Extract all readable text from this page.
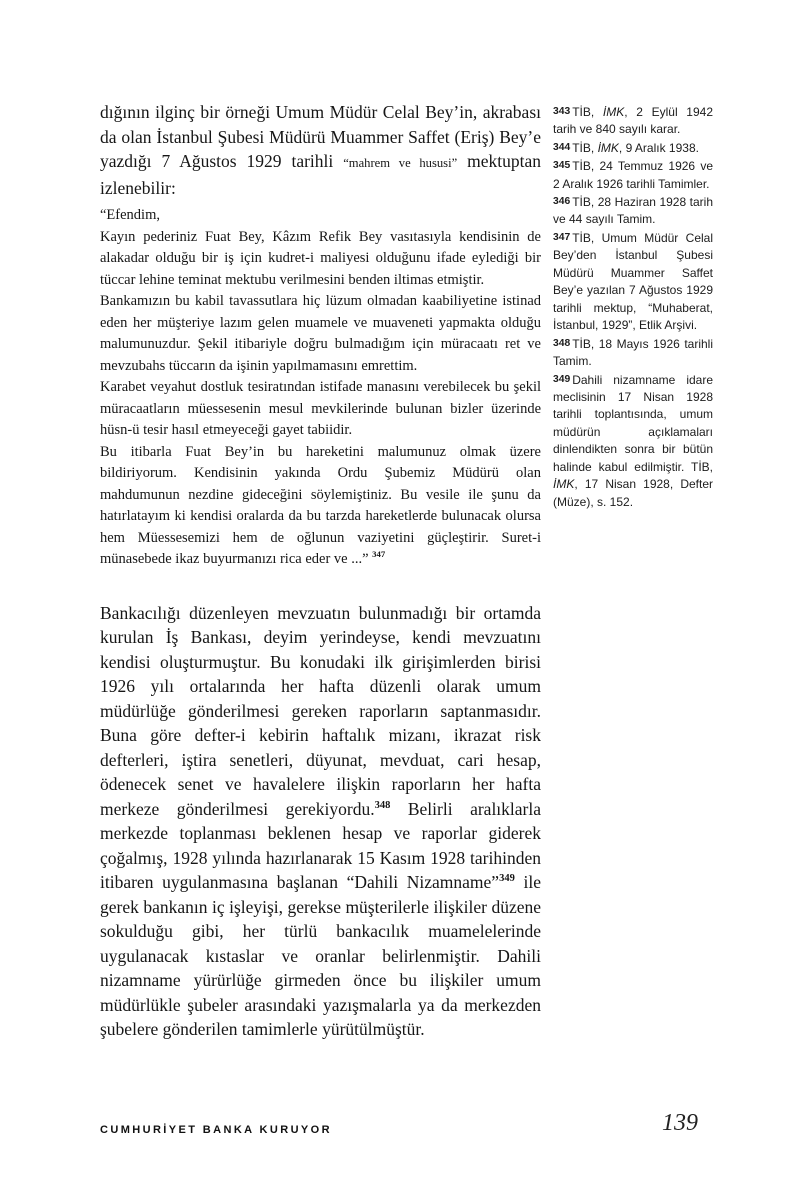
dığının ilginç bir örneği Umum Müdür Celal Bey’in, akrabası da olan İstanbul Şubesi Müdürü Muammer Saffet (Eriş) Bey’e yazdığı 7 Ağustos 1929 tarihli “mahrem ve hususi” mektuptan izlenebilir:

“Efendim,

Kayın pederiniz Fuat Bey, Kâzım Refik Bey vasıtasıyla kendisinin de alakadar olduğu bir iş için kudret-i maliyesi olduğunu ifade eylediği bir tüccar lehine teminat mektubu verilmesini benden iltimas etmiştir.

Bankamızın bu kabil tavassutlara hiç lüzum olmadan kaabiliyetine istinad eden her müşteriye lazım gelen muamele ve muaveneti yapmakta olduğu malumunuzdur. Şekil itibariyle doğru bulmadığım için müracaatı ret ve mevzubahs tüccarın da işinin yapılmamasını emrettim.

Karabet veyahut dostluk tesiratından istifade manasını verebilecek bu şekil müracaatların müessesenin mesul mevkilerinde bulunan bizler üzerinde hüsn-ü tesir hasıl etmeyeceği gayet tabiidir.

Bu itibarla Fuat Bey’in bu hareketini malumunuz olmak üzere bildiriyorum. Kendisinin yakında Ordu Şubemiz Müdürü olan mahdumunun nezdine gideceğini söylemiştiniz. Bu vesile ile şunu da hatırlatayım ki kendisi oralarda da bu tarzda hareketlerde bulunacak olursa hem Müessesemizi hem de oğlunun vaziyetini güçleştirir. Suret-i münasebede ikaz buyurmanızı rica eder ve ...” $^{347}$

Bankacılığı düzenleyen mevzuatın bulunmadığı bir ortamda kurulan İş Bankası, deyim yerindeyse, kendi mevzuatını kendisi oluşturmuştur. Bu konudaki ilk girişimlerden birisi 1926 yılı ortalarında her hafta düzenli olarak umum müdürlüğe gönderilmesi gereken raporların saptanmasıdır. Buna göre defter-i kebirin haftalık mizanı, ikrazat risk defterleri, iştira senetleri, düyunat, mevduat, cari hesap, ödenecek senet ve havalelere ilişkin raporların her hafta merkeze gönderilmesi gerekiyordu.$^{348}$ Belirli aralıklarla merkezde toplanması beklenen hesap ve raporlar giderek çoğalmış, 1928 yılında hazırlanarak 15 Kasım 1928 tarihinden itibaren uygulanmasına başlanan “Dahili Nizamname”$^{349}$ ile gerek bankanın iç işleyişi, gerekse müşterilerle ilişkiler düzene sokulduğu gibi, her türlü bankacılık muamelelerinde uygulanacak kıstaslar ve oranlar belirlenmiştir. Dahili nizamname yürürlüğe girmeden önce bu ilişkiler umum müdürlükle şubeler arasındaki yazışmalarla ya da merkezden şubelere gönderilen tamimlerle yürütülmüştür.

343 TİB, İMK, 2 Eylül 1942 tarih ve 840 sayılı karar.

344 TİB, İMK, 9 Aralık 1938.

345 TİB, 24 Temmuz 1926 ve 2 Aralık 1926 tarihli Tamimler.

346 TİB, 28 Haziran 1928 tarih ve 44 sayılı Tamim.

347 TİB, Umum Müdür Celal Bey’den İstanbul Şubesi Müdürü Muammer Saffet Bey’e yazılan 7 Ağustos 1929 tarihli mektup, “Muhaberat, İstanbul, 1929”, Etlik Arşivi.

348 TİB, 18 Mayıs 1926 tarihli Tamim.

349 Dahili nizamname idare meclisinin 17 Nisan 1928 tarihli toplantısında, umum müdürün açıklamaları dinlendikten sonra bir bütün halinde kabul edilmiştir. TİB, İMK, 17 Nisan 1928, Defter (Müze), s. 152.

CUMHURİYET BANKA KURUYOR	139
